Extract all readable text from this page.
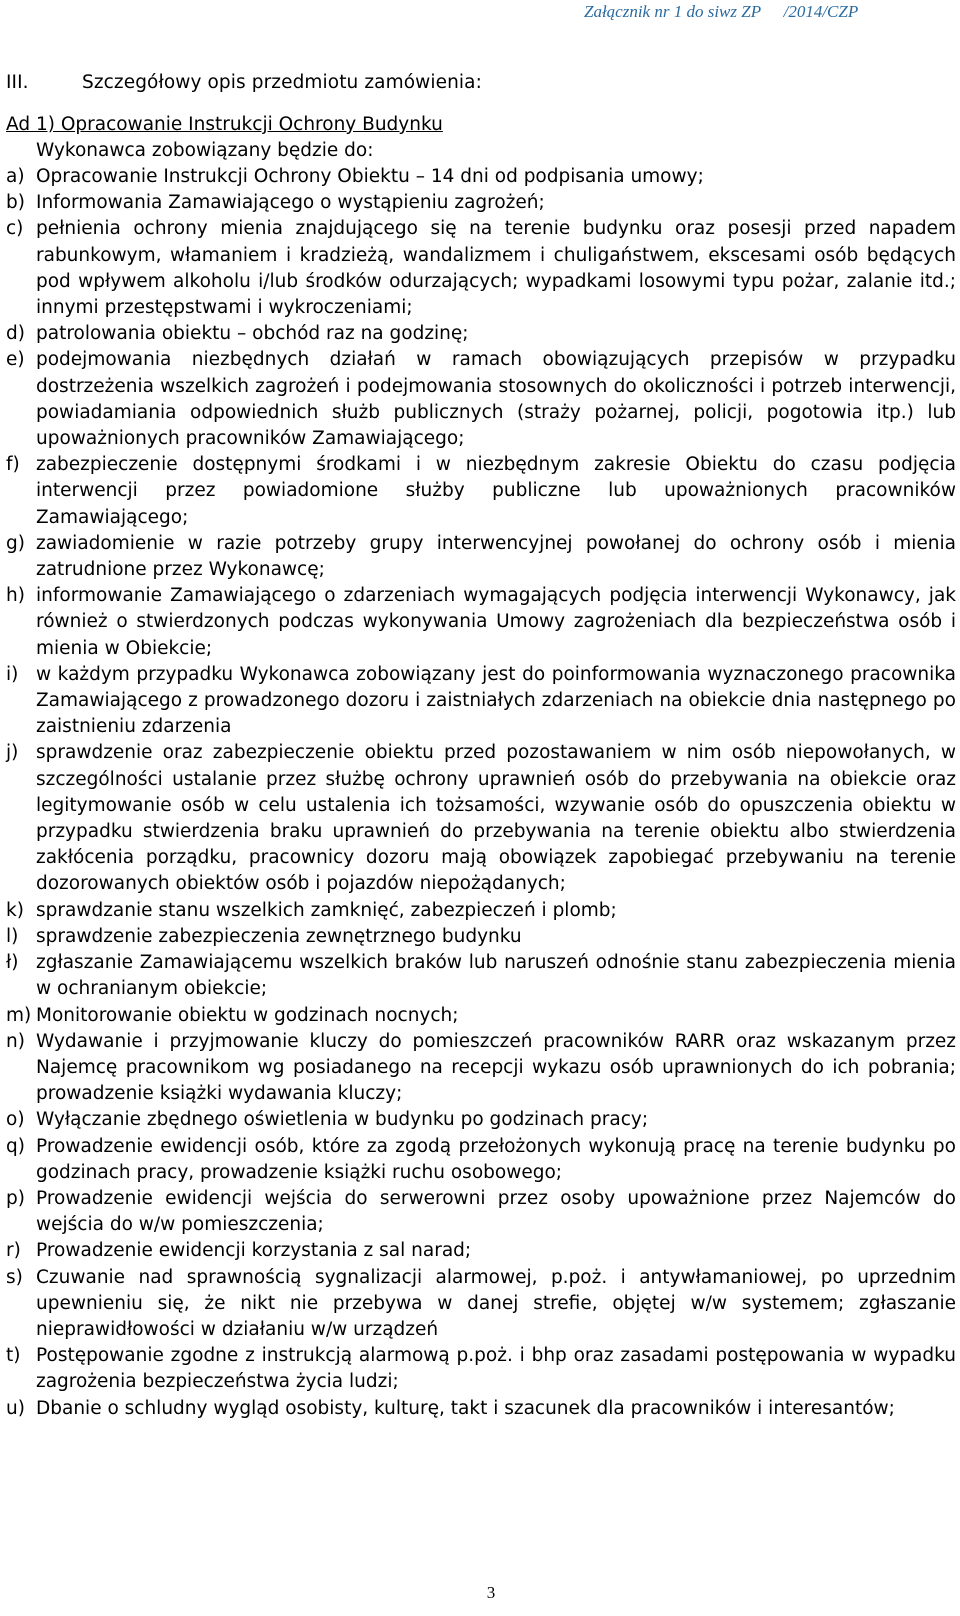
Załącznik nr 1 do siwz ZP /2014/CZP
III.	Szczegółowy opis przedmiotu zamówienia:
Ad 1) Opracowanie Instrukcji Ochrony Budynku
Wykonawca zobowiązany będzie do:
a) Opracowanie Instrukcji Ochrony Obiektu – 14 dni od podpisania umowy;
b) Informowania Zamawiającego o wystąpieniu zagrożeń;
c) pełnienia ochrony mienia znajdującego się na terenie budynku oraz posesji przed napadem rabunkowym, włamaniem i kradzieżą, wandalizmem i chuligaństwem, ekscesami osób będących pod wpływem alkoholu i/lub środków odurzających; wypadkami losowymi typu pożar, zalanie itd.; innymi przestępstwami i wykroczeniami;
d) patrolowania obiektu – obchód raz na godzinę;
e) podejmowania niezbędnych działań w ramach obowiązujących przepisów w przypadku dostrzeżenia wszelkich zagrożeń i podejmowania stosownych do okoliczności i potrzeb interwencji, powiadamiania odpowiednich służb publicznych (straży pożarnej, policji, pogotowia itp.) lub upoważnionych pracowników Zamawiającego;
f) zabezpieczenie dostępnymi środkami i w niezbędnym zakresie Obiektu do czasu podjęcia interwencji przez powiadomione służby publiczne lub upoważnionych pracowników Zamawiającego;
g) zawiadomienie w razie potrzeby grupy interwencyjnej powołanej do ochrony osób i mienia zatrudnione przez Wykonawcę;
h) informowanie Zamawiającego o zdarzeniach wymagających podjęcia interwencji Wykonawcy, jak również o stwierdzonych podczas wykonywania Umowy zagrożeniach dla bezpieczeństwa osób i mienia w Obiekcie;
i) w każdym przypadku Wykonawca zobowiązany jest do poinformowania wyznaczonego pracownika Zamawiającego z prowadzonego dozoru i zaistniałych zdarzeniach na obiekcie dnia następnego po zaistnieniu zdarzenia
j) sprawdzenie oraz zabezpieczenie obiektu przed pozostawaniem w nim osób niepowołanych, w szczególności ustalanie przez służbę ochrony uprawnień osób do przebywania na obiekcie oraz legitymowanie osób w celu ustalenia ich tożsamości, wzywanie osób do opuszczenia obiektu w przypadku stwierdzenia braku uprawnień do przebywania na terenie obiektu albo stwierdzenia zakłócenia porządku, pracownicy dozoru mają obowiązek zapobiegać przebywaniu na terenie dozorowanych obiektów osób i pojazdów niepożądanych;
k) sprawdzanie stanu wszelkich zamknięć, zabezpieczeń i plomb;
l) sprawdzenie zabezpieczenia zewnętrznego budynku
ł) zgłaszanie Zamawiającemu wszelkich braków lub naruszeń odnośnie stanu zabezpieczenia mienia w ochranianym obiekcie;
m) Monitorowanie obiektu w godzinach nocnych;
n) Wydawanie i przyjmowanie kluczy do pomieszczeń pracowników RARR oraz wskazanym przez Najemcę pracownikom wg posiadanego na recepcji wykazu osób uprawnionych do ich pobrania; prowadzenie książki wydawania kluczy;
o) Wyłączanie zbędnego oświetlenia w budynku po godzinach pracy;
q) Prowadzenie ewidencji osób, które za zgodą przełożonych wykonują pracę na terenie budynku po godzinach pracy, prowadzenie książki ruchu osobowego;
p) Prowadzenie ewidencji wejścia do serwerowni przez osoby upoważnione przez Najemców do wejścia do w/w pomieszczenia;
r) Prowadzenie ewidencji korzystania z sal narad;
s) Czuwanie nad sprawnością sygnalizacji alarmowej, p.poż. i antywłamaniowej, po uprzednim upewnieniu się, że nikt nie przebywa w danej strefie, objętej w/w systemem; zgłaszanie nieprawidłowości w działaniu w/w urządzeń
t) Postępowanie zgodne z instrukcją alarmową p.poż. i bhp oraz zasadami postępowania w wypadku zagrożenia bezpieczeństwa życia ludzi;
u) Dbanie o schludny wygląd osobisty, kulturę, takt i szacunek dla pracowników i interesantów;
3
